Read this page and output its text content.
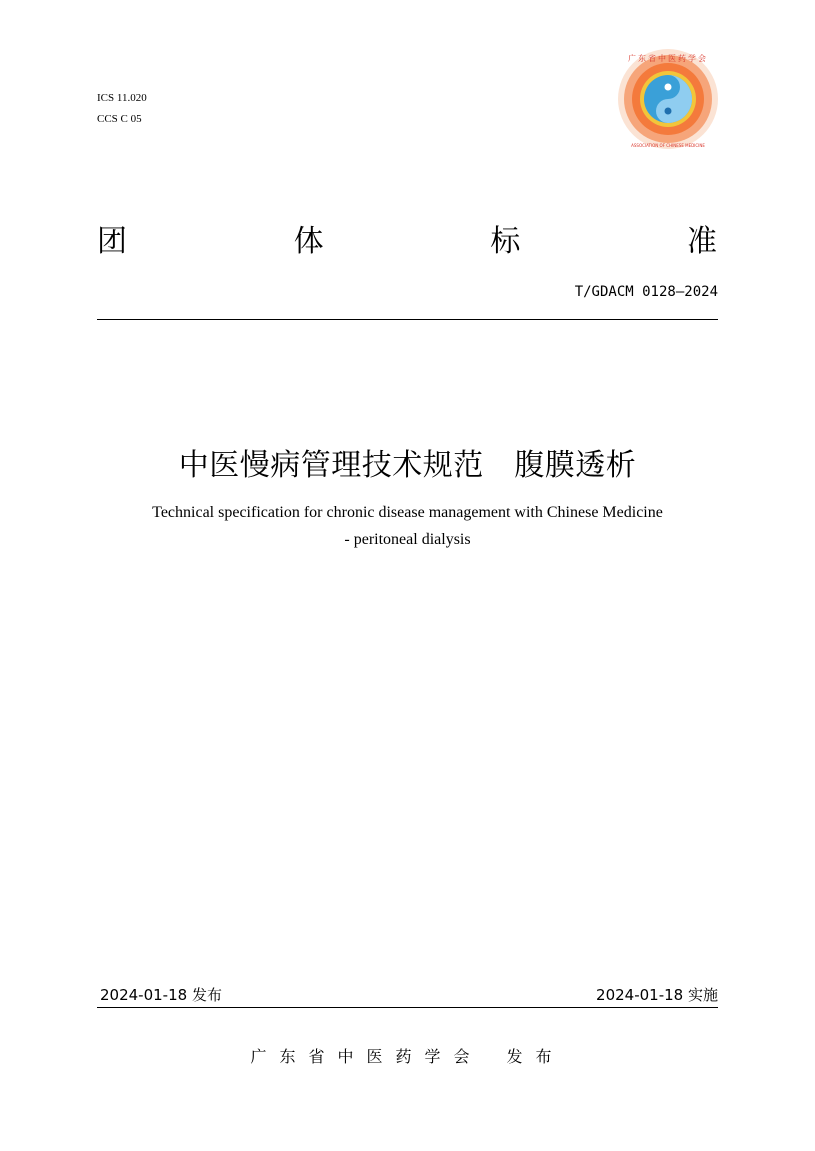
ICS 11.020
CCS C 05
广东省中医药学会
ASSOCIATION OF CHINESE MEDICINE
团	体	标	准
T/GDACM 0128—2024
中医慢病管理技术规范　腹膜透析
Technical specification for chronic disease management with Chinese Medicine
- peritoneal dialysis
2024-01-18 发布	2024-01-18 实施
广东省中医药学会 发布
